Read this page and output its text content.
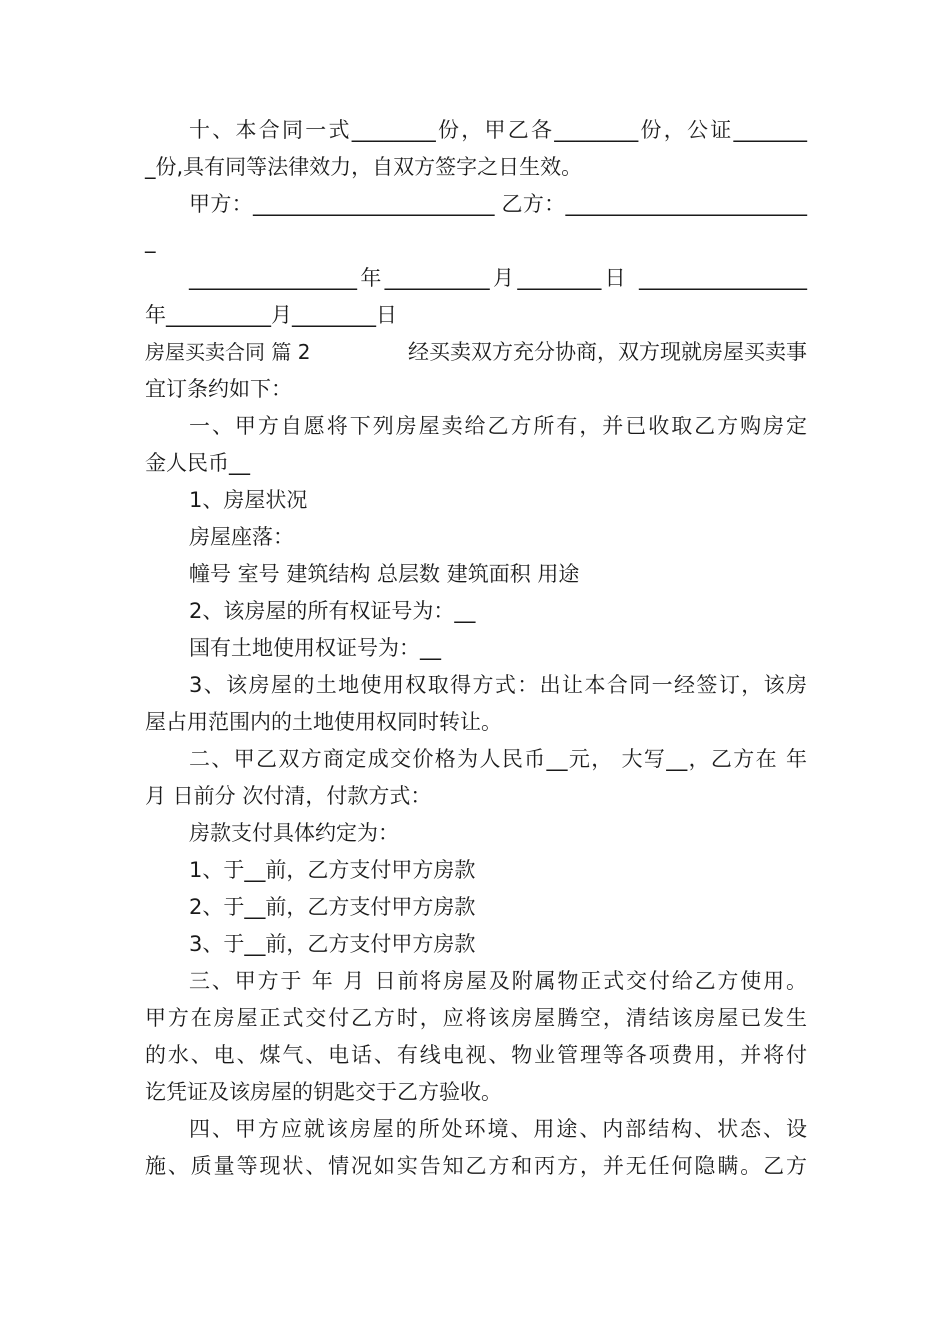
十、本合同一式________份，甲乙各________份，公证_______
_份,具有同等法律效力，自双方签字之日生效。
甲方：_______________________ 乙方：_______________________
_
________________年__________月________日 ________________
年__________月________日
房屋买卖合同 篇 2	经买卖双方充分协商，双方现就房屋买卖事
宜订条约如下：
一、甲方自愿将下列房屋卖给乙方所有，并已收取乙方购房定
金人民币__
1、房屋状况
房屋座落：
幢号 室号 建筑结构 总层数 建筑面积 用途
2、该房屋的所有权证号为：__
国有土地使用权证号为：__
3、该房屋的土地使用权取得方式：出让本合同一经签订，该房
屋占用范围内的土地使用权同时转让。
二、甲乙双方商定成交价格为人民币__元， 大写__，乙方在 年
月 日前分 次付清，付款方式：
房款支付具体约定为：
1、于__前，乙方支付甲方房款
2、于__前，乙方支付甲方房款
3、于__前，乙方支付甲方房款
三、甲方于 年 月 日前将房屋及附属物正式交付给乙方使用。
甲方在房屋正式交付乙方时，应将该房屋腾空，清结该房屋已发生
的水、电、煤气、电话、有线电视、物业管理等各项费用，并将付
讫凭证及该房屋的钥匙交于乙方验收。
四、甲方应就该房屋的所处环境、用途、内部结构、状态、设
施、质量等现状、情况如实告知乙方和丙方，并无任何隐瞒。乙方
